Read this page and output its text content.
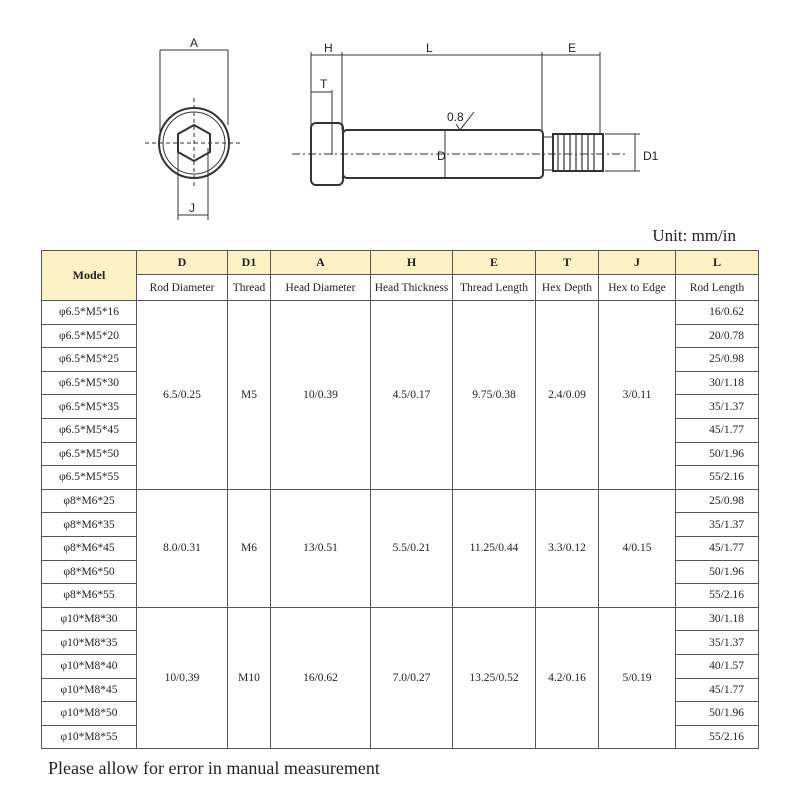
A
J
H	L	E
T
D	D1
0.8
Unit: mm/in
Model	D	D1	A	H	E	T	J	L
	Rod Diameter	Thread	Head Diameter	Head Thickness	Thread Length	Hex Depth	Hex to Edge	Rod Length
φ6.5*M5*16	6.5/0.25	M5	10/0.39	4.5/0.17	9.75/0.38	2.4/0.09	3/0.11	16/0.62
φ6.5*M5*20								20/0.78
φ6.5*M5*25								25/0.98
φ6.5*M5*30								30/1.18
φ6.5*M5*35								35/1.37
φ6.5*M5*45								45/1.77
φ6.5*M5*50								50/1.96
φ6.5*M5*55								55/2.16
φ8*M6*25	8.0/0.31	M6	13/0.51	5.5/0.21	11.25/0.44	3.3/0.12	4/0.15	25/0.98
φ8*M6*35								35/1.37
φ8*M6*45								45/1.77
φ8*M6*50								50/1.96
φ8*M6*55								55/2.16
φ10*M8*30	10/0.39	M10	16/0.62	7.0/0.27	13.25/0.52	4.2/0.16	5/0.19	30/1.18
φ10*M8*35								35/1.37
φ10*M8*40								40/1.57
φ10*M8*45								45/1.77
φ10*M8*50								50/1.96
φ10*M8*55								55/2.16
Please allow for error in manual measurement
